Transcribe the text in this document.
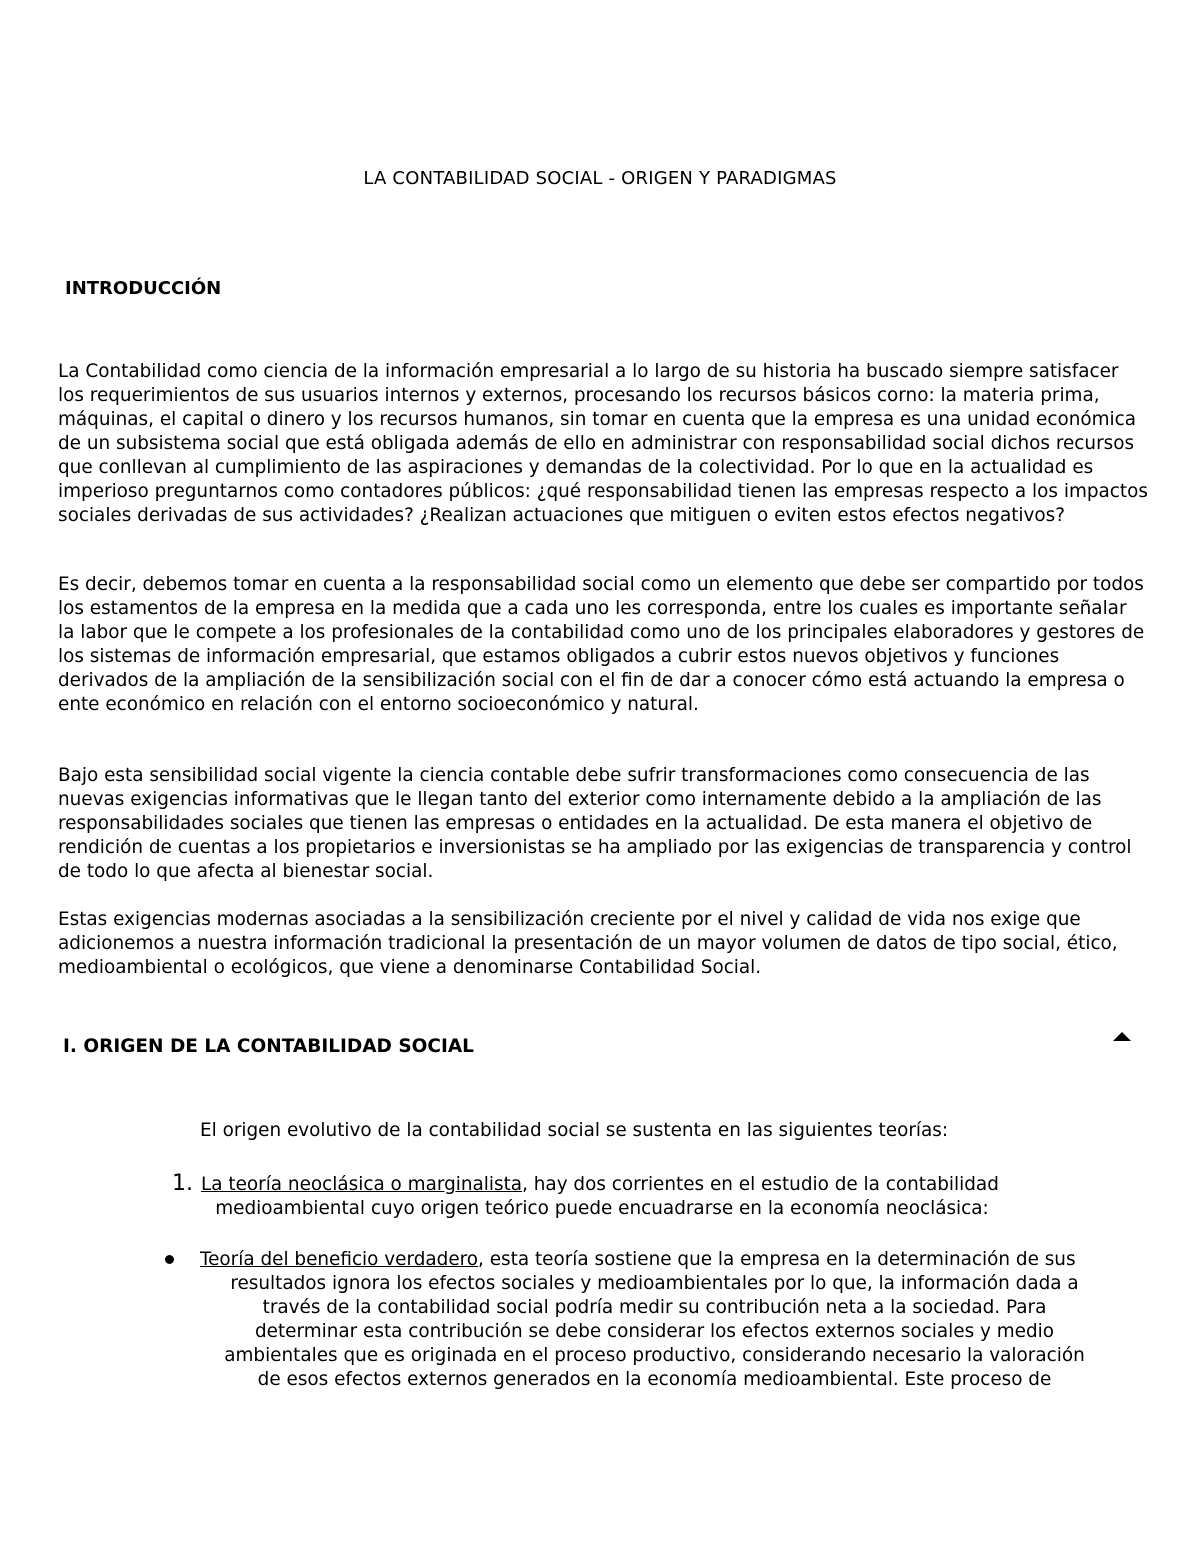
LA CONTABILIDAD SOCIAL - ORIGEN Y PARADIGMAS
INTRODUCCIÓN

La Contabilidad como ciencia de la información empresarial a lo largo de su historia ha buscado siempre satisfacer los requerimientos de sus usuarios internos y externos, procesando los recursos básicos corno: la materia prima, máquinas, el capital o dinero y los recursos humanos, sin tomar en cuenta que la empresa es una unidad económica de un subsistema social que está obligada además de ello en administrar con responsabilidad social dichos recursos que conllevan al cumplimiento de las aspiraciones y demandas de la colectividad. Por lo que en la actualidad es imperioso preguntarnos como contadores públicos: ¿qué responsabilidad tienen las empresas respecto a los impactos sociales derivadas de sus actividades? ¿Realizan actuaciones que mitiguen o eviten estos efectos negativos?

Es decir, debemos tomar en cuenta a la responsabilidad social como un elemento que debe ser compartido por todos los estamentos de la empresa en la medida que a cada uno les corresponda, entre los cuales es importante señalar la labor que le compete a los profesionales de la contabilidad como uno de los principales elaboradores y gestores de los sistemas de información empresarial, que estamos obligados a cubrir estos nuevos objetivos y funciones derivados de la ampliación de la sensibilización social con el fin de dar a conocer cómo está actuando la empresa o ente económico en relación con el entorno socioeconómico y natural.

Bajo esta sensibilidad social vigente la ciencia contable debe sufrir transformaciones como consecuencia de las nuevas exigencias informativas que le llegan tanto del exterior como internamente debido a la ampliación de las responsabilidades sociales que tienen las empresas o entidades en la actualidad. De esta manera el objetivo de rendición de cuentas a los propietarios e inversionistas se ha ampliado por las exigencias de transparencia y control de todo lo que afecta al bienestar social.

Estas exigencias modernas asociadas a la sensibilización creciente por el nivel y calidad de vida nos exige que adicionemos a nuestra información tradicional la presentación de un mayor volumen de datos de tipo social, ético, medioambiental o ecológicos, que viene a denominarse Contabilidad Social.

I. ORIGEN DE LA CONTABILIDAD SOCIAL
El origen evolutivo de la contabilidad social se sustenta en las siguientes teorías:
1. La teoría neoclásica o marginalista, hay dos corrientes en el estudio de la contabilidad
medioambiental cuyo origen teórico puede encuadrarse en la economía neoclásica:
Teoría del beneficio verdadero, esta teoría sostiene que la empresa en la determinación de sus
resultados ignora los efectos sociales y medioambientales por lo que, la información dada a
través de la contabilidad social podría medir su contribución neta a la sociedad. Para
determinar esta contribución se debe considerar los efectos externos sociales y medio
ambientales que es originada en el proceso productivo, considerando necesario la valoración
de esos efectos externos generados en la economía medioambiental. Este proceso de
